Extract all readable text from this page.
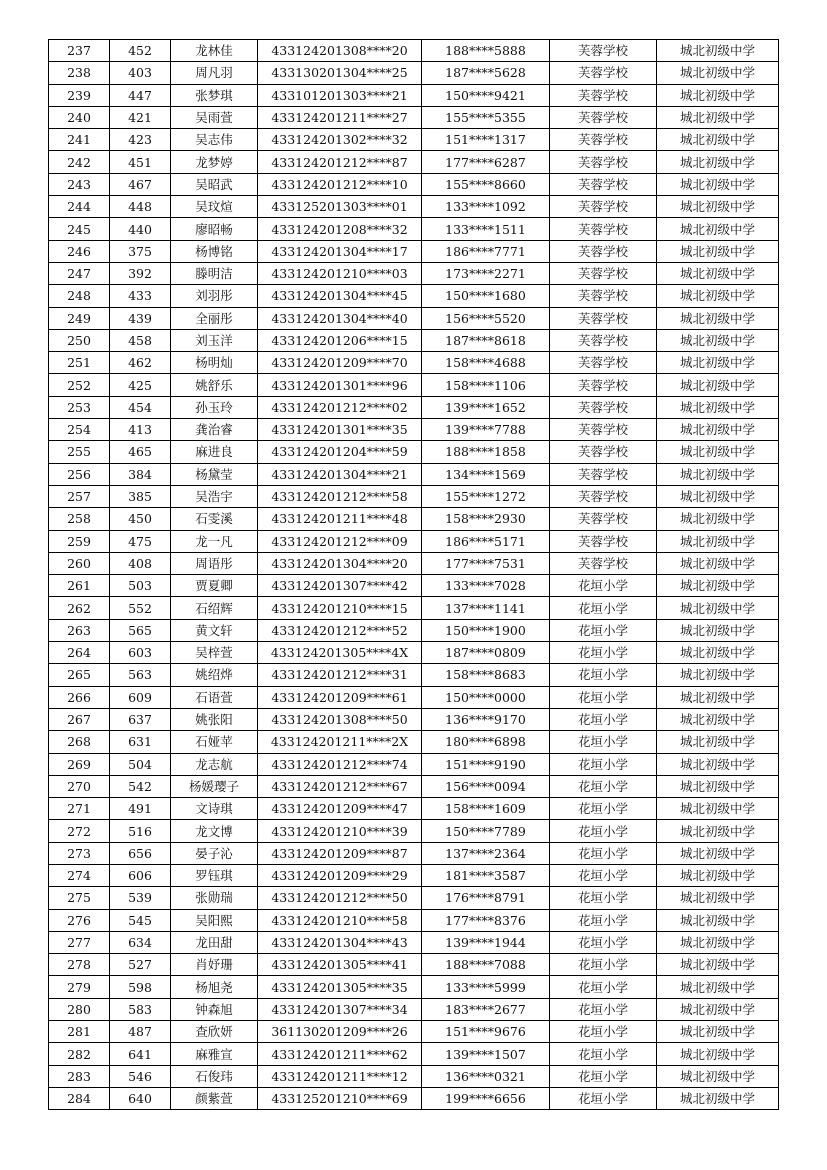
237	452	龙林佳	433124201308****20	188****5888	芙蓉学校	城北初级中学
238	403	周凡羽	433130201304****25	187****5628	芙蓉学校	城北初级中学
239	447	张梦琪	433101201303****21	150****9421	芙蓉学校	城北初级中学
240	421	吴雨萱	433124201211****27	155****5355	芙蓉学校	城北初级中学
241	423	吴志伟	433124201302****32	151****1317	芙蓉学校	城北初级中学
242	451	龙梦婷	433124201212****87	177****6287	芙蓉学校	城北初级中学
243	467	吴昭武	433124201212****10	155****8660	芙蓉学校	城北初级中学
244	448	吴玟煊	433125201303****01	133****1092	芙蓉学校	城北初级中学
245	440	廖昭畅	433124201208****32	133****1511	芙蓉学校	城北初级中学
246	375	杨博铭	433124201304****17	186****7771	芙蓉学校	城北初级中学
247	392	滕明洁	433124201210****03	173****2271	芙蓉学校	城北初级中学
248	433	刘羽彤	433124201304****45	150****1680	芙蓉学校	城北初级中学
249	439	全丽彤	433124201304****40	156****5520	芙蓉学校	城北初级中学
250	458	刘玉洋	433124201206****15	187****8618	芙蓉学校	城北初级中学
251	462	杨明灿	433124201209****70	158****4688	芙蓉学校	城北初级中学
252	425	姚舒乐	433124201301****96	158****1106	芙蓉学校	城北初级中学
253	454	孙玉玲	433124201212****02	139****1652	芙蓉学校	城北初级中学
254	413	龚治睿	433124201301****35	139****7788	芙蓉学校	城北初级中学
255	465	麻进良	433124201204****59	188****1858	芙蓉学校	城北初级中学
256	384	杨黛莹	433124201304****21	134****1569	芙蓉学校	城北初级中学
257	385	吴浩宇	433124201212****58	155****1272	芙蓉学校	城北初级中学
258	450	石雯溪	433124201211****48	158****2930	芙蓉学校	城北初级中学
259	475	龙一凡	433124201212****09	186****5171	芙蓉学校	城北初级中学
260	408	周语彤	433124201304****20	177****7531	芙蓉学校	城北初级中学
261	503	贾夏卿	433124201307****42	133****7028	花垣小学	城北初级中学
262	552	石绍辉	433124201210****15	137****1141	花垣小学	城北初级中学
263	565	黄文轩	433124201212****52	150****1900	花垣小学	城北初级中学
264	603	吴梓萱	433124201305****4X	187****0809	花垣小学	城北初级中学
265	563	姚绍烨	433124201212****31	158****8683	花垣小学	城北初级中学
266	609	石语萱	433124201209****61	150****0000	花垣小学	城北初级中学
267	637	姚张阳	433124201308****50	136****9170	花垣小学	城北初级中学
268	631	石娅苹	433124201211****2X	180****6898	花垣小学	城北初级中学
269	504	龙志航	433124201212****74	151****9190	花垣小学	城北初级中学
270	542	杨媛璎子	433124201212****67	156****0094	花垣小学	城北初级中学
271	491	文诗琪	433124201209****47	158****1609	花垣小学	城北初级中学
272	516	龙文博	433124201210****39	150****7789	花垣小学	城北初级中学
273	656	晏子沁	433124201209****87	137****2364	花垣小学	城北初级中学
274	606	罗钰琪	433124201209****29	181****3587	花垣小学	城北初级中学
275	539	张勋瑞	433124201212****50	176****8791	花垣小学	城北初级中学
276	545	吴阳熙	433124201210****58	177****8376	花垣小学	城北初级中学
277	634	龙田甜	433124201304****43	139****1944	花垣小学	城北初级中学
278	527	肖妤珊	433124201305****41	188****7088	花垣小学	城北初级中学
279	598	杨旭尧	433124201305****35	133****5999	花垣小学	城北初级中学
280	583	钟森旭	433124201307****34	183****2677	花垣小学	城北初级中学
281	487	查欣妍	361130201209****26	151****9676	花垣小学	城北初级中学
282	641	麻雅宣	433124201211****62	139****1507	花垣小学	城北初级中学
283	546	石俊玮	433124201211****12	136****0321	花垣小学	城北初级中学
284	640	颜紫萱	433125201210****69	199****6656	花垣小学	城北初级中学
